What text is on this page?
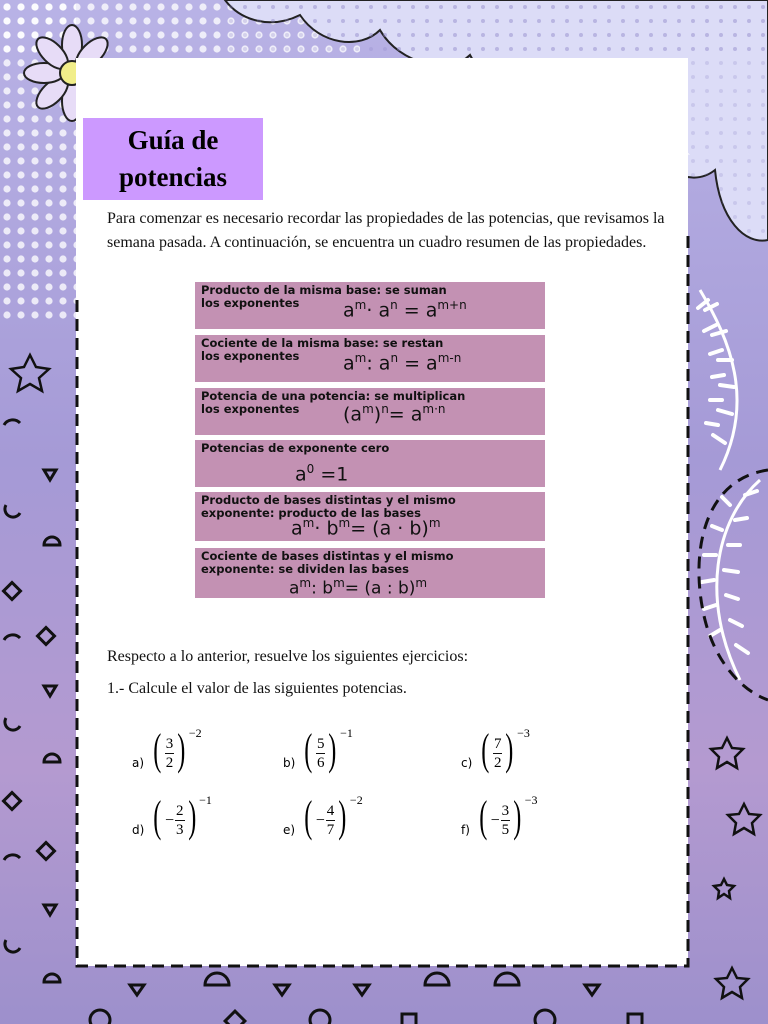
Guía de
potencias
Para comenzar es necesario recordar las propiedades de las potencias, que revisamos la semana pasada. A continuación, se encuentra un cuadro resumen de las propiedades.
Producto de la misma base: se suman
los exponentes	$a^m\cdot a^n = a^{m+n}$
Cociente de la misma base: se restan
los exponentes	$a^m$: $a^n = a^{m-n}$
Potencia de una potencia: se multiplican
los exponentes	$(a^m)^n= a^{m\cdot n}$
Potencias de exponente cero
$a^0 =1$
Producto de bases distintas y el mismo
exponente: producto de las bases
$a^m\cdot b^m= (a \cdot b)^m$
Cociente de bases distintas y el mismo
exponente: se dividen las bases
$a^m$: $b^m= (a$ : b)$^m$
Respecto a lo anterior, resuelve los siguientes ejercicios:
1.- Calcule el valor de las siguientes potencias.
a) ( $\frac{3}{2}$ ) −2
b) ( $\frac{5}{6}$ ) −1
c) ( $\frac{7}{2}$ ) −3
d) ( − $\frac{2}{3}$ ) −1
e) ( − $\frac{4}{7}$ ) −2
f) ( − $\frac{3}{5}$ ) −3
